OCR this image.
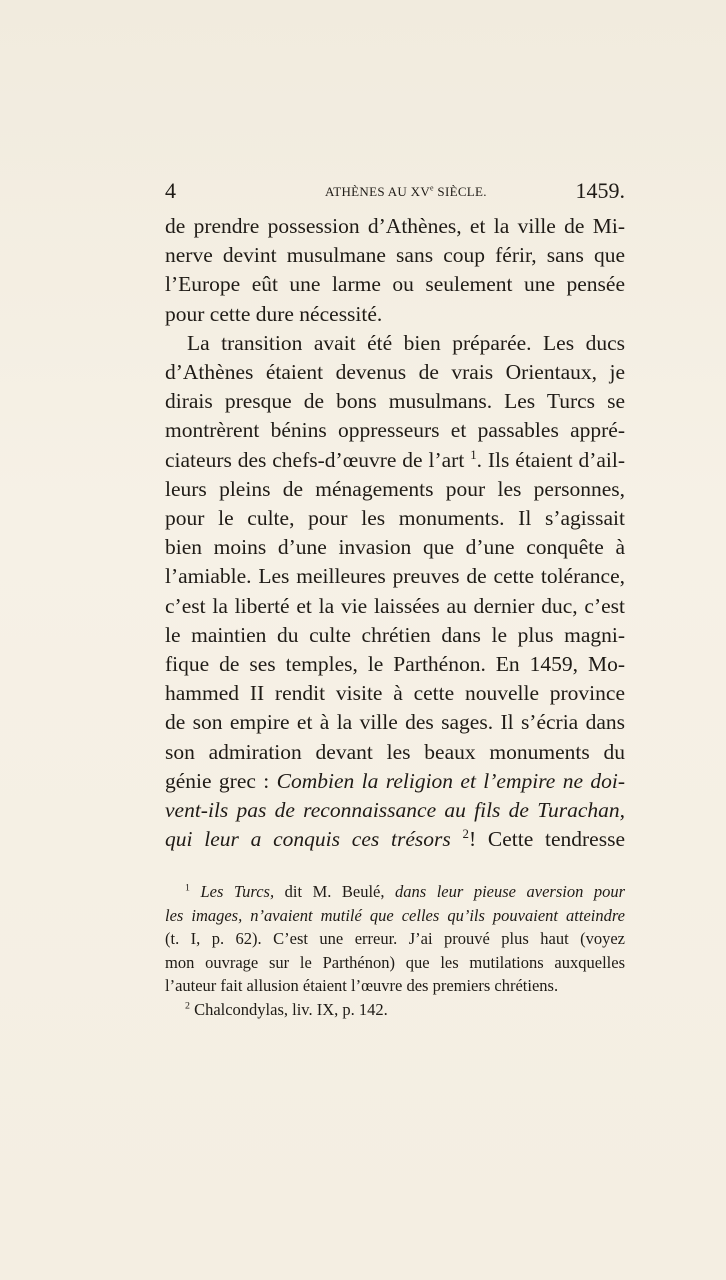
4	ATHÈNES AU XVe SIÈCLE.	1459.
de prendre possession d’Athènes, et la ville de Mi-
nerve devint musulmane sans coup férir, sans que
l’Europe eût une larme ou seulement une pensée
pour cette dure nécessité.
La transition avait été bien préparée. Les ducs
d’Athènes étaient devenus de vrais Orientaux, je
dirais presque de bons musulmans. Les Turcs se
montrèrent bénins oppresseurs et passables appré-
ciateurs des chefs-d’œuvre de l’art $^1$. Ils étaient d’ail-
leurs pleins de ménagements pour les personnes,
pour le culte, pour les monuments. Il s’agissait
bien moins d’une invasion que d’une conquête à
l’amiable. Les meilleures preuves de cette tolérance,
c’est la liberté et la vie laissées au dernier duc, c’est
le maintien du culte chrétien dans le plus magni-
fique de ses temples, le Parthénon. En 1459, Mo-
hammed II rendit visite à cette nouvelle province
de son empire et à la ville des sages. Il s’écria dans
son admiration devant les beaux monuments du
génie grec : Combien la religion et l’empire ne doi-
vent-ils pas de reconnaissance au fils de Turachan,
qui leur a conquis ces trésors $^2$! Cette tendresse
$^1$ Les Turcs, dit M. Beulé, dans leur pieuse aversion pour
les images, n’avaient mutilé que celles qu’ils pouvaient atteindre
(t. I, p. 62). C’est une erreur. J’ai prouvé plus haut (voyez
mon ouvrage sur le Parthénon) que les mutilations auxquelles
l’auteur fait allusion étaient l’œuvre des premiers chrétiens.
$^2$ Chalcondylas, liv. IX, p. 142.
